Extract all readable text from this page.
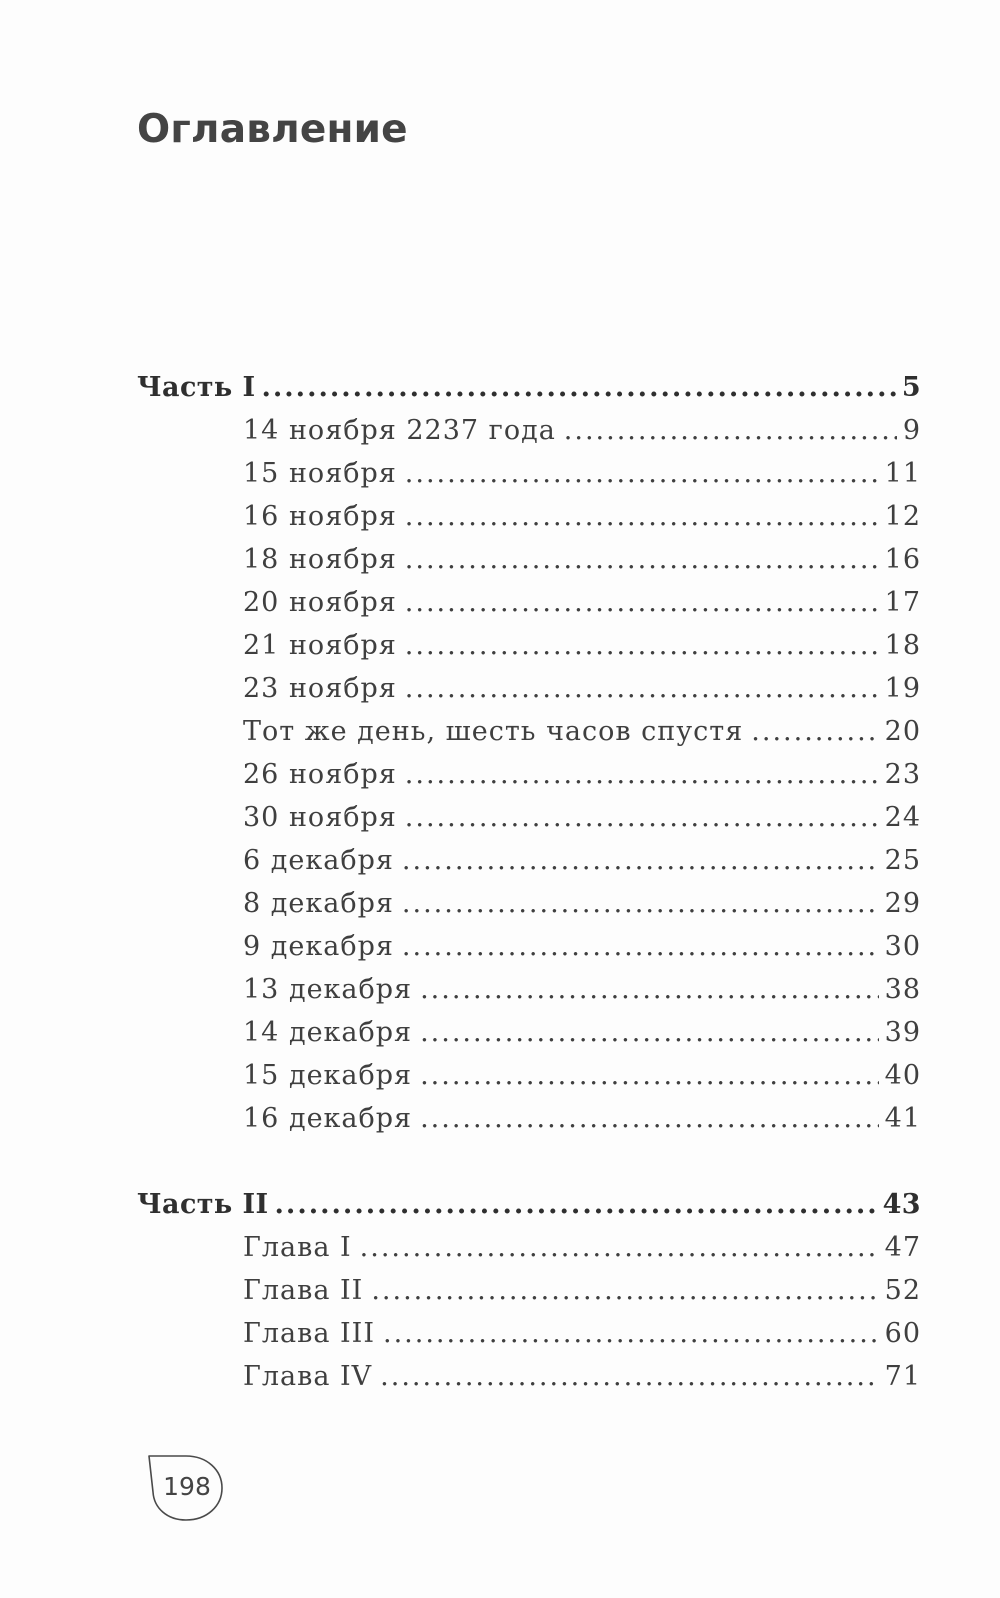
Оглавление
Часть I .....	5
14 ноября 2237 года .....	9
15 ноября .....	11
16 ноября .....	12
18 ноября .....	16
20 ноября .....	17
21 ноября .....	18
23 ноября .....	19
Тот же день, шесть часов спустя .....	20
26 ноября .....	23
30 ноября .....	24
6 декабря .....	25
8 декабря .....	29
9 декабря .....	30
13 декабря .....	38
14 декабря .....	39
15 декабря .....	40
16 декабря .....	41
Часть II .....	43
Глава I .....	47
Глава II .....	52
Глава III .....	60
Глава IV .....	71
198
